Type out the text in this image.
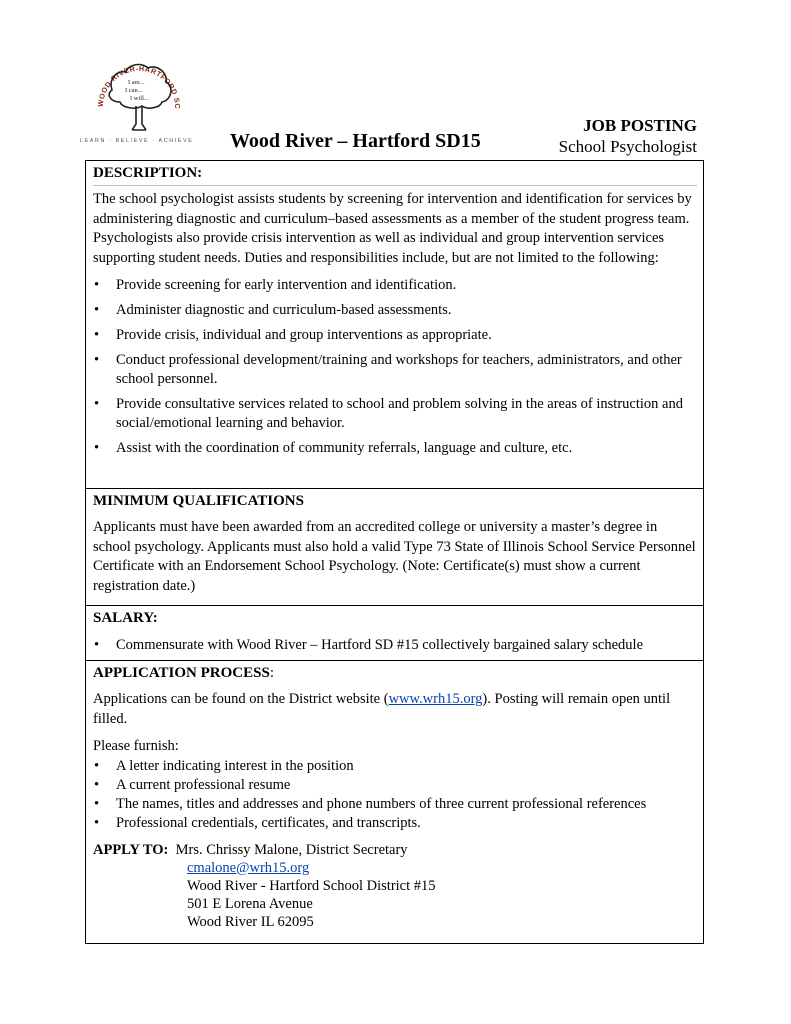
WOOD RIVER-HARTFORD SC
I am...
I can...
I will...
LEARN · BELIEVE · ACHIEVE Wood River – Hartford SD15
JOB POSTING
School Psychologist
DESCRIPTION:

The school psychologist assists students by screening for intervention and identification for services by administering diagnostic and curriculum–based assessments as a member of the student progress team. Psychologists also provide crisis intervention as well as individual and group intervention services supporting student needs. Duties and responsibilities include, but are not limited to the following:

• Provide screening for early intervention and identification.
• Administer diagnostic and curriculum-based assessments.
• Provide crisis, individual and group interventions as appropriate.
• Conduct professional development/training and workshops for teachers, administrators, and other school personnel.
• Provide consultative services related to school and problem solving in the areas of instruction and social/emotional learning and behavior.
• Assist with the coordination of community referrals, language and culture, etc.
MINIMUM QUALIFICATIONS

Applicants must have been awarded from an accredited college or university a master’s degree in school psychology. Applicants must also hold a valid Type 73 State of Illinois School Service Personnel Certificate with an Endorsement School Psychology. (Note: Certificate(s) must show a current registration date.)

SALARY:
• Commensurate with Wood River – Hartford SD #15 collectively bargained salary schedule
APPLICATION PROCESS:

Applications can be found on the District website (www.wrh15.org). Posting will remain open until filled.

Please furnish:

• A letter indicating interest in the position
• A current professional resume
• The names, titles and addresses and phone numbers of three current professional references
• Professional credentials, certificates, and transcripts.
APPLY TO: Mrs. Chrissy Malone, District Secretary
cmalone@wrh15.org
Wood River - Hartford School District #15
501 E Lorena Avenue
Wood River IL 62095
